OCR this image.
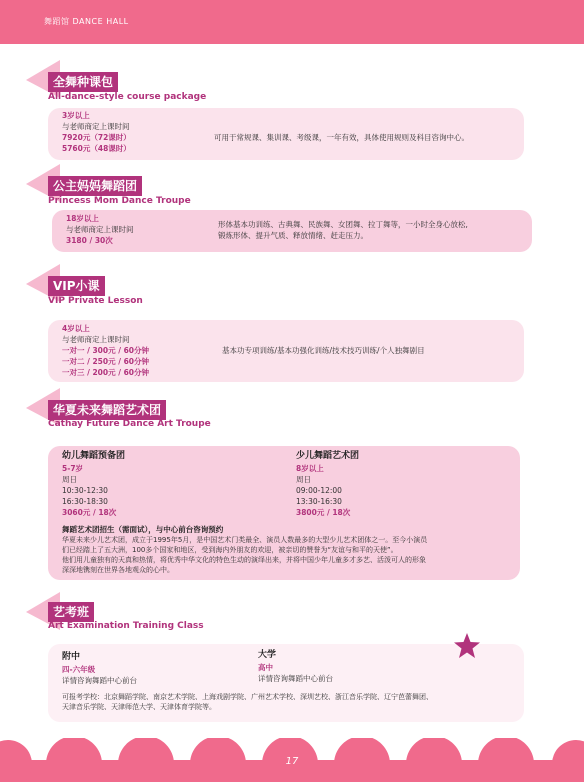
舞蹈馆 DANCE HALL
全舞种课包
All-dance-style course package
3岁以上
与老师商定上课时间
7920元（72课时）
5760元（48课时）
可用于常规课、集训课、考级课，一年有效，具体使用规则及科目咨询中心。
公主妈妈舞蹈团
Princess Mom Dance Troupe
18岁以上
与老师商定上课时间
3180 / 30次
形体基本功训练、古典舞、民族舞、女团舞、拉丁舞等，一小时全身心放松,
锻炼形体、提升气质、释放情绪、赶走压力。
VIP小课
VIP Private Lesson
4岁以上
与老师商定上课时间
一对一 / 300元 / 60分钟
一对二 / 250元 / 60分钟
一对三 / 200元 / 60分钟
基本功专项训练/基本功强化训练/技术技巧训练/个人独舞剧目
华夏未来舞蹈艺术团
Cathay Future Dance Art Troupe
幼儿舞蹈预备团
5-7岁
周日
10:30-12:30
16:30-18:30
3060元 / 18次
少儿舞蹈艺术团
8岁以上
周日
09:00-12:00
13:30-16:30
3800元 / 18次
舞蹈艺术团招生（需面试），与中心前台咨询预约
华夏未来少儿艺术团，成立于1995年5月，是中国艺术门类最全、演员人数最多的大型少儿艺术团体之一。至今小演员
们已经踏上了五大洲，100多个国家和地区，受到海内外朋友的欢迎，被亲切的赞誉为“友谊与和平的天使”。
他们用儿童独有的天真和热情，将优秀中华文化的特色生动的演绎出来，并将中国少年儿童多才多艺、活泼可人的形象
深深地镌刻在世界各地观众的心中。
艺考班
Art Examination Training Class
附中
四-六年级
详情咨询舞蹈中心前台
大学
高中
详情咨询舞蹈中心前台
可报考学校：北京舞蹈学院、南京艺术学院、上海戏剧学院、广州艺术学校、深圳艺校、浙江音乐学院、辽宁芭蕾舞团、
天津音乐学院、天津师范大学、天津体育学院等。
17
